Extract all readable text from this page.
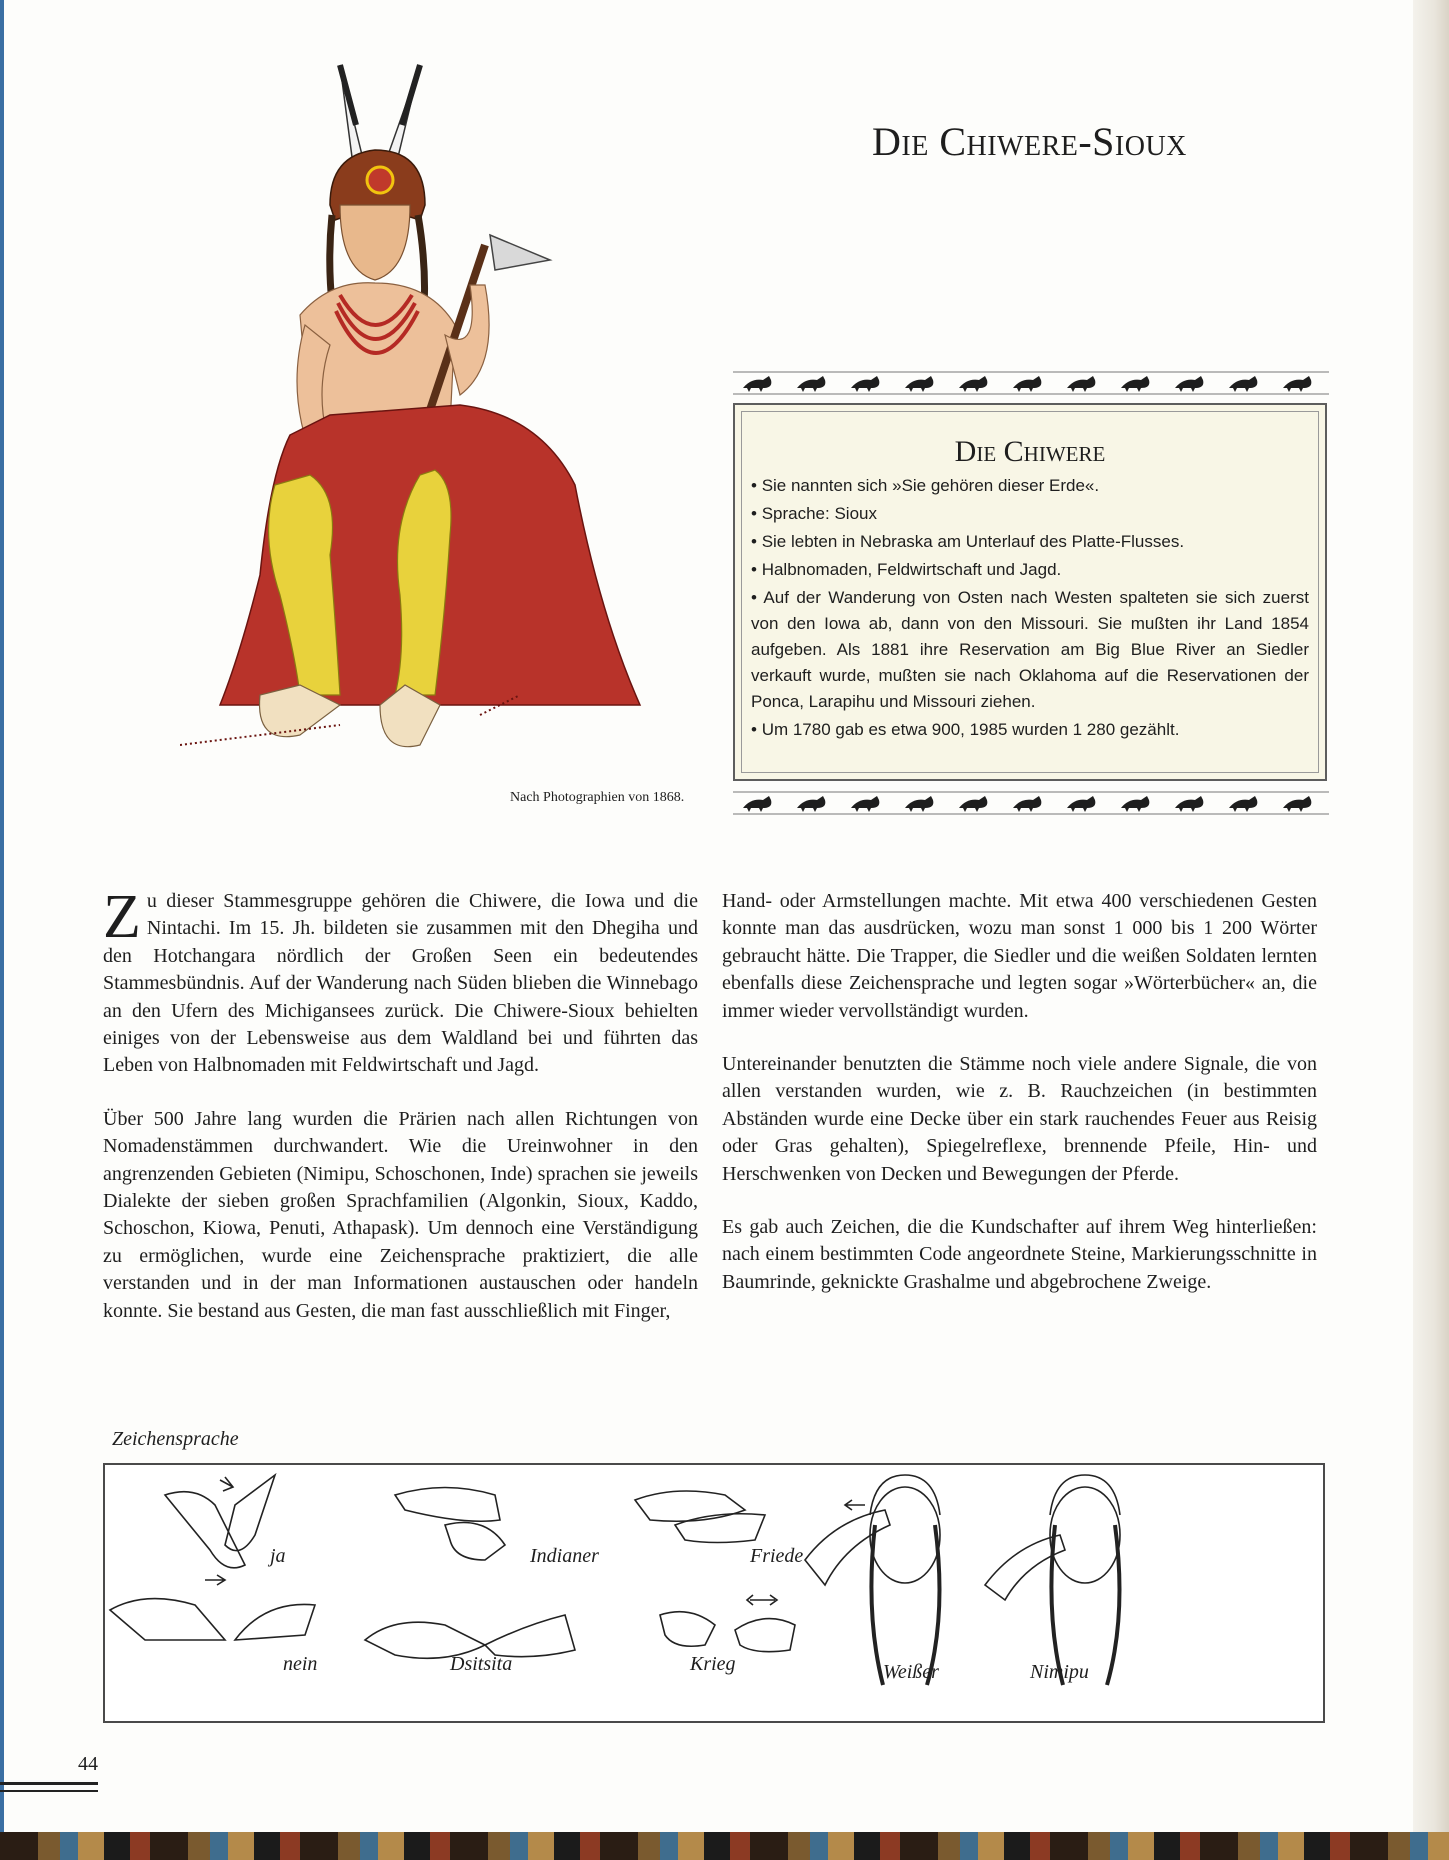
Nach Photographien von 1868.
Die Chiwere-Sioux
Die Chiwere
• Sie nannten sich »Sie gehören dieser Erde«.
• Sprache: Sioux
• Sie lebten in Nebraska am Unterlauf des Platte-Flusses.
• Halbnomaden, Feldwirtschaft und Jagd.
• Auf der Wanderung von Osten nach Westen spalteten sie sich zuerst von den Iowa ab, dann von den Missouri. Sie mußten ihr Land 1854 aufgeben. Als 1881 ihre Reservation am Big Blue River an Siedler verkauft wurde, mußten sie nach Oklahoma auf die Reservationen der Ponca, Larapihu und Missouri ziehen.
• Um 1780 gab es etwa 900, 1985 wurden 1 280 gezählt.

Zu dieser Stammesgruppe gehören die Chiwere, die Iowa und die Nintachi. Im 15. Jh. bildeten sie zusammen mit den Dhegiha und den Hotchangara nördlich der Großen Seen ein bedeutendes Stammesbündnis. Auf der Wanderung nach Süden blieben die Winnebago an den Ufern des Michigansees zurück. Die Chiwere-Sioux behielten einiges von der Lebensweise aus dem Waldland bei und führten das Leben von Halbnomaden mit Feldwirtschaft und Jagd.

Über 500 Jahre lang wurden die Prärien nach allen Richtungen von Nomadenstämmen durchwandert. Wie die Ureinwohner in den angrenzenden Gebieten (Nimipu, Schoschonen, Inde) sprachen sie jeweils Dialekte der sieben großen Sprachfamilien (Algonkin, Sioux, Kaddo, Schoschon, Kiowa, Penuti, Athapask). Um dennoch eine Verständigung zu ermöglichen, wurde eine Zeichensprache praktiziert, die alle verstanden und in der man Informationen austauschen oder handeln konnte. Sie bestand aus Gesten, die man fast ausschließlich mit Finger,

Hand- oder Armstellungen machte. Mit etwa 400 verschiedenen Gesten konnte man das ausdrücken, wozu man sonst 1 000 bis 1 200 Wörter gebraucht hätte. Die Trapper, die Siedler und die weißen Soldaten lernten ebenfalls diese Zeichensprache und legten sogar »Wörterbücher« an, die immer wieder vervollständigt wurden.

Untereinander benutzten die Stämme noch viele andere Signale, die von allen verstanden wurden, wie z. B. Rauchzeichen (in bestimmten Abständen wurde eine Decke über ein stark rauchendes Feuer aus Reisig oder Gras gehalten), Spiegelreflexe, brennende Pfeile, Hin- und Herschwenken von Decken und Bewegungen der Pferde.

Es gab auch Zeichen, die die Kundschafter auf ihrem Weg hinterließen: nach einem bestimmten Code angeordnete Steine, Markierungsschnitte in Baumrinde, geknickte Grashalme und abgebrochene Zweige.

Zeichensprache
ja	Indianer	Friede
nein	Dsitsita	Krieg	Weißer	Nimipu
44
